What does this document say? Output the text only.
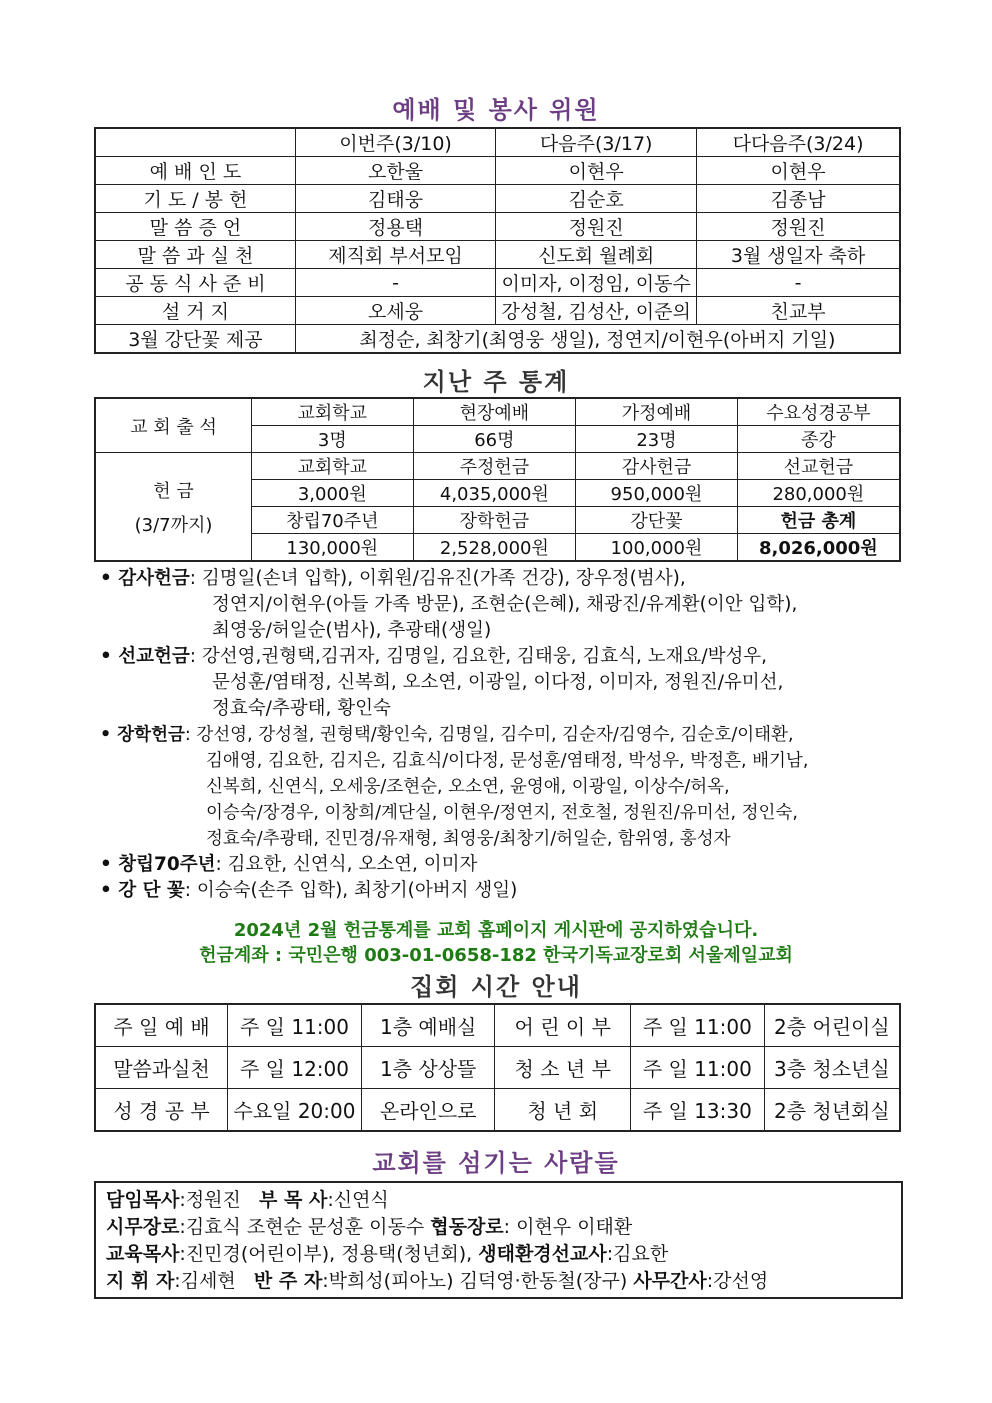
예배 및 봉사 위원
	이번주(3/10)	다음주(3/17)	다다음주(3/24)
예 배 인 도	오한울	이현우	이현우
기 도 / 봉 헌	김태웅	김순호	김종남
말 씀 증 언	정용택	정원진	정원진
말 씀 과 실 천	제직회 부서모임	신도회 월례회	3월 생일자 축하
공 동 식 사 준 비	-	이미자, 이정임, 이동수	-
설 거 지	오세웅	강성철, 김성산, 이준의	친교부
3월 강단꽃 제공	최정순, 최창기(최영웅 생일), 정연지/이현우(아버지 기일)		
지난 주 통계
교 회 출 석	교회학교	현장예배	가정예배	수요성경공부
	3명	66명	23명	종강

헌 금
(3/7까지)	교회학교	주정헌금	감사헌금	선교헌금
	3,000원	4,035,000원	950,000원	280,000원
	창립70주년	장학헌금	강단꽃	헌금 총계
	130,000원	2,528,000원	100,000원	8,026,000원
• 감사헌금: 김명일(손녀 입학), 이휘원/김유진(가족 건강), 장우정(범사),
정연지/이현우(아들 가족 방문), 조현순(은혜), 채광진/유계환(이안 입학),
최영웅/허일순(범사), 추광태(생일)
• 선교헌금: 강선영,권형택,김귀자, 김명일, 김요한, 김태웅, 김효식, 노재요/박성우,
문성훈/염태정, 신복희, 오소연, 이광일, 이다정, 이미자, 정원진/유미선,
정효숙/추광태, 황인숙
• 장학헌금: 강선영, 강성철, 권형택/황인숙, 김명일, 김수미, 김순자/김영수, 김순호/이태환,
김애영, 김요한, 김지은, 김효식/이다정, 문성훈/염태정, 박성우, 박정흔, 배기남,
신복희, 신연식, 오세웅/조현순, 오소연, 윤영애, 이광일, 이상수/허옥,
이승숙/장경우, 이창희/계단실, 이현우/정연지, 전호철, 정원진/유미선, 정인숙,
정효숙/추광태, 진민경/유재형, 최영웅/최창기/허일순, 함위영, 홍성자
• 창립70주년: 김요한, 신연식, 오소연, 이미자
• 강 단 꽃: 이승숙(손주 입학), 최창기(아버지 생일)
2024년 2월 헌금통계를 교회 홈페이지 게시판에 공지하였습니다.
헌금계좌 : 국민은행 003-01-0658-182 한국기독교장로회 서울제일교회
집회 시간 안내
주 일 예 배	주 일 11:00	1층 예배실	어 린 이 부	주 일 11:00	2층 어린이실
말씀과실천	주 일 12:00	1층 상상뜰	청 소 년 부	주 일 11:00	3층 청소년실
성 경 공 부	수요일 20:00	온라인으로	청 년 회	주 일 13:30	2층 청년회실
교회를 섬기는 사람들
담임목사:정원진   부 목 사:신연식
시무장로:김효식 조현순 문성훈 이동수 협동장로: 이현우 이태환
교육목사:진민경(어린이부), 정용택(청년회), 생태환경선교사:김요한
지 휘 자:김세현   반 주 자:박희성(피아노) 김덕영·한동철(장구) 사무간사:강선영
